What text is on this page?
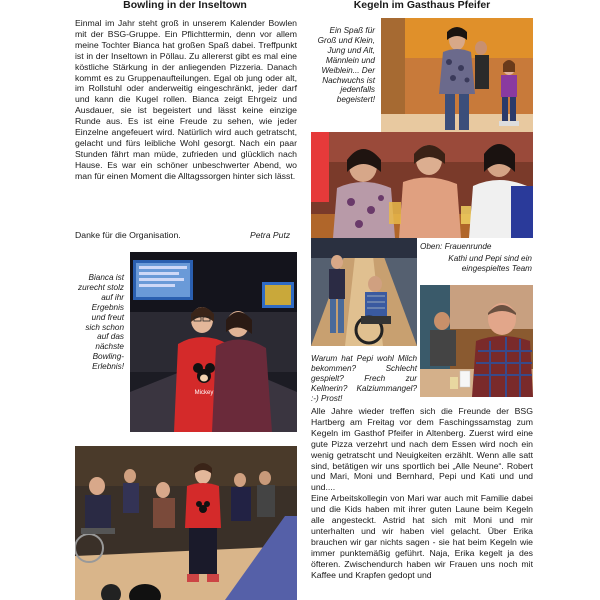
Bowling in der Inseltown

Einmal im Jahr steht groß in unserem Kalender Bowlen mit der BSG-Gruppe. Ein Pflichttermin, denn vor allem meine Tochter Bianca hat großen Spaß dabei. Treffpunkt ist in der Inseltown in Pöllau. Zu allererst gibt es mal eine köstliche Stärkung in der anliegenden Pizzeria. Danach kommt es zu Gruppenaufteilungen. Egal ob jung oder alt, im Rollstuhl oder anderweitig eingeschränkt, jeder darf und kann die Kugel rollen. Bianca zeigt Ehrgeiz und Ausdauer, sie ist begeistert und lässt keine einzige Runde aus. Es ist eine Freude zu sehen, wie jeder Einzelne angefeuert wird. Natürlich wird auch getratscht, gelacht und fürs leibliche Wohl gesorgt. Nach ein paar Stunden fährt man müde, zufrieden und glücklich nach Hause. Es war ein schöner unbeschwerter Abend, wo man für einen Moment die Alltagssorgen hinter sich lässt.

Danke für die Organisation.	Petra Putz
Bianca ist zurecht stolz auf ihr Ergebnis und freut sich schon auf das nächste Bowling-Erlebnis!
Mickey
Kegeln im Gasthaus Pfeifer
Ein Spaß für Groß und Klein, Jung und Alt, Männlein und Weiblein... Der Nachwuchs ist jedenfalls begeistert!
Oben: Frauenrunde
Kathi und Pepi sind ein eingespieltes Team
Warum hat Pepi wohl Milch bekommen? Schlecht gespielt? Frech zur Kellnerin? Kalziummangel? :-) Prost!

Alle Jahre wieder treffen sich die Freunde der BSG Hartberg am Freitag vor dem Faschingssamstag zum Kegeln im Gasthof Pfeifer in Altenberg. Zuerst wird eine gute Pizza verzehrt und nach dem Essen wird noch ein wenig getratscht und Neuigkeiten erzählt. Wenn alle satt sind, betätigen wir uns sportlich bei „Alle Neune“. Robert und Mari, Moni und Bernhard, Pepi und Kati und und und....
Eine Arbeitskollegin von Mari war auch mit Familie dabei und die Kids haben mit ihrer guten Laune beim Kegeln alle angesteckt. Astrid hat sich mit Moni und mir unterhalten und wir haben viel gelacht. Über Erika brauchen wir gar nichts sagen - sie hat beim Kegeln wie immer punktemäßig geführt. Naja, Erika kegelt ja des öfteren. Zwischendurch haben wir Frauen uns noch mit Kaffee und Krapfen gedopt und
